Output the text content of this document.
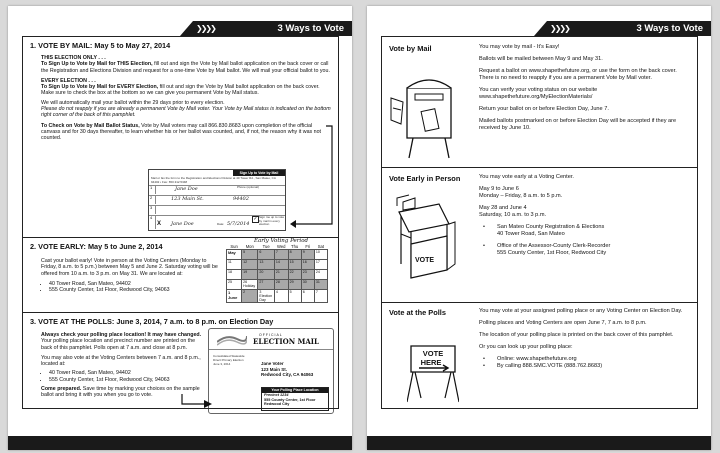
❯❯❯❯	3 Ways to Vote
1. VOTE BY MAIL: May 5 to May 27, 2014
THIS ELECTION ONLY . . .
To Sign Up to Vote by Mail for THIS Election, fill out and sign the Vote by Mail ballot application on the back cover or call the Registration and Elections Division and request for a one-time Vote by Mail ballot. We will mail your official ballot to you.
EVERY ELECTION . . .
To Sign Up to Vote by Mail for EVERY Election, fill out and sign the Vote by Mail ballot application on the back cover. Make sure to check the box at the bottom so we can give you permanent Vote by Mail status.
We will automatically mail your ballot within the 29 days prior to every election.
Please do not reapply if you are already a permanent Vote by Mail voter. Your Vote by Mail status is indicated on the bottom right corner of the back of this pamphlet.
To Check on Vote by Mail Ballot Status, Vote by Mail voters may call 866.830.8683 upon completion of the official canvass and for 30 days thereafter, to learn whether his or her ballot was counted, and, if not, the reason why it was not counted.
Sign Up to Vote by Mail
Mail or fax the form to the Registration and Elections Division at 40 Tower Rd., San Mateo, CA 94402 • Fax: 650.312.5348
1	Jane Doe	Phone (optional)
2	123 Main St.	94402
3
4
X Jane Doe	Date: 5/7/2014
✓ Sign me up to vote by mail in every election
2. VOTE EARLY: May 5 to June 2, 2014
Cast your ballot early! Vote in person at the Voting Centers (Monday to Friday, 8 a.m. to 5 p.m.) between May 5 and June 2. Saturday voting will be offered from 10 a.m. to 3 p.m. on May 31. We are located at:
• 40 Tower Road, San Mateo, 94402
• 555 County Center, 1st Floor, Redwood City, 94063
Early Voting Period
Sun	Mon	Tue	Wed	Thu	Fri	Sat
May	5	6	7	8	9	10
11	12	13	14	15	16	17
18	19	20	21	22	23	24
25	26 Holiday	27	28	29	30	31
1 June	2	3 Election Day	4	5	6	7
3. VOTE AT THE POLLS: June 3, 2014, 7 a.m. to 8 p.m. on Election Day
Always check your polling place location! It may have changed. Your polling place location and precinct number are printed on the back of this pamphlet. Polls open at 7 a.m. and close at 8 p.m.
You may also vote at the Voting Centers between 7 a.m. and 8 p.m., located at:
• 40 Tower Road, San Mateo, 94402
• 555 County Center, 1st Floor, Redwood City, 94063
Come prepared. Save time by marking your choices on the sample ballot and bring it with you when you go to vote.
OFFICIAL
ELECTION MAIL
Consolidated Statewide Direct Primary Election
June 3, 2014	Jane Voter
123 Main St.
Redwood City, CA 94063
Your Polling Place Location
Precinct 1234
555 County Center, 1st Floor
Redwood City
❯❯❯❯	3 Ways to Vote
Vote by Mail	You may vote by mail - It's Easy!
Ballots will be mailed between May 9 and May 31.
Request a ballot on www.shapethefuture.org, or use the form on the back cover. There is no need to reapply if you are a permanent Vote by Mail voter.
You can verify your voting status on our website www.shapethefuture.org/MyElectionMaterials/
Return your ballot on or before Election Day, June 7.
Mailed ballots postmarked on or before Election Day will be accepted if they are received by June 10.
Vote Early in Person
VOTE
You may vote early at a Voting Center.
May 9 to June 6
Monday – Friday, 8 a.m. to 5 p.m.
May 28 and June 4
Saturday, 10 a.m. to 3 p.m.
• San Mateo County Registration & Elections
40 Tower Road, San Mateo
• Office of the Assessor-County Clerk-Recorder
555 County Center, 1st Floor, Redwood City
Vote at the Polls
VOTE
HERE
You may vote at your assigned polling place or any Voting Center on Election Day.
Polling places and Voting Centers are open June 7, 7 a.m. to 8 p.m.
The location of your polling place is printed on the back cover of this pamphlet.
Or you can look up your polling place:
• Online: www.shapethefuture.org
• By calling 888.SMC.VOTE (888.762.8683)
